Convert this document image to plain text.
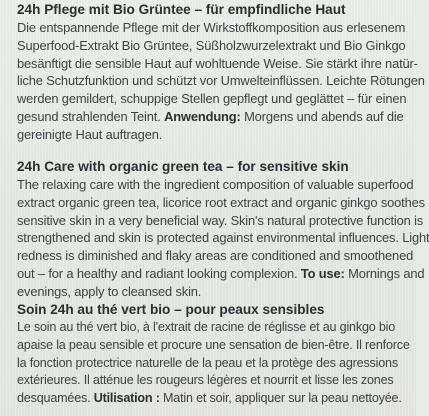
24h Pflege mit Bio Grüntee – für empfindliche Haut
Die entspannende Pflege mit der Wirkstoffkomposition aus erlesenem
Superfood-Extrakt Bio Grüntee, Süßholzwurzelextrakt und Bio Ginkgo
besänftigt die sensible Haut auf wohltuende Weise. Sie stärkt ihre natür-
liche Schutzfunktion und schützt vor Umwelteinflüssen. Leichte Rötungen
werden gemildert, schuppige Stellen gepflegt und geglättet – für einen
gesund strahlenden Teint. Anwendung: Morgens und abends auf die
gereinigte Haut auftragen.
24h Care with organic green tea – for sensitive skin
The relaxing care with the ingredient composition of valuable superfood
extract organic green tea, licorice root extract and organic ginkgo soothes
sensitive skin in a very beneficial way. Skin's natural protective function is
strengthened and skin is protected against environmental influences. Light
redness is diminished and flaky areas are conditioned and smoothened
out – for a healthy and radiant looking complexion. To use: Mornings and
evenings, apply to cleansed skin.
Soin 24h au thé vert bio – pour peaux sensibles
Le soin au thé vert bio, à l'extrait de racine de réglisse et au ginkgo bio
apaise la peau sensible et procure une sensation de bien-être. Il renforce
la fonction protectrice naturelle de la peau et la protège des agressions
extérieures. Il atténue les rougeurs légères et nourrit et lisse les zones
desquamées. Utilisation : Matin et soir, appliquer sur la peau nettoyée.
